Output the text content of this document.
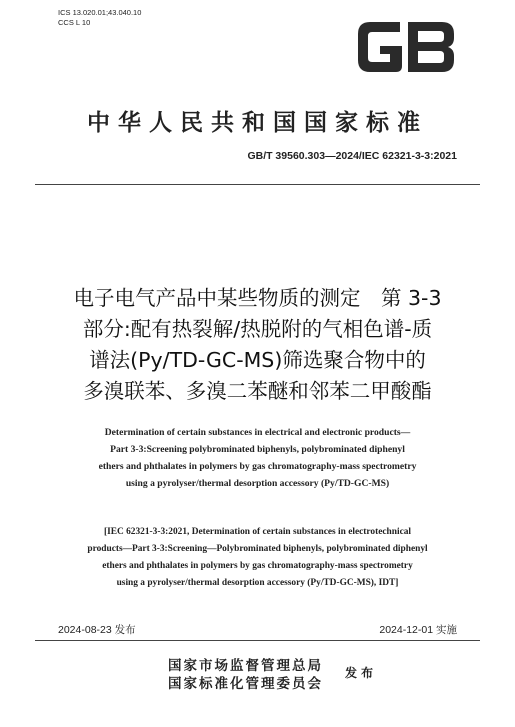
ICS 13.020.01;43.040.10
CCS L 10
中华人民共和国国家标准
GB/T 39560.303—2024/IEC 62321-3-3:2021
电子电气产品中某些物质的测定　第 3-3
部分:配有热裂解/热脱附的气相色谱-质
谱法(Py/TD-GC-MS)筛选聚合物中的
多溴联苯、多溴二苯醚和邻苯二甲酸酯
Determination of certain substances in electrical and electronic products—
Part 3-3:Screening polybrominated biphenyls, polybrominated diphenyl
ethers and phthalates in polymers by gas chromatography-mass spectrometry
using a pyrolyser/thermal desorption accessory (Py/TD-GC-MS)
[IEC 62321-3-3:2021, Determination of certain substances in electrotechnical
products—Part 3-3:Screening—Polybrominated biphenyls, polybrominated diphenyl
ethers and phthalates in polymers by gas chromatography-mass spectrometry
using a pyrolyser/thermal desorption accessory (Py/TD-GC-MS), IDT]
2024-08-23 发布	2024-12-01 实施
国家市场监督管理总局
国家标准化管理委员会
发布
